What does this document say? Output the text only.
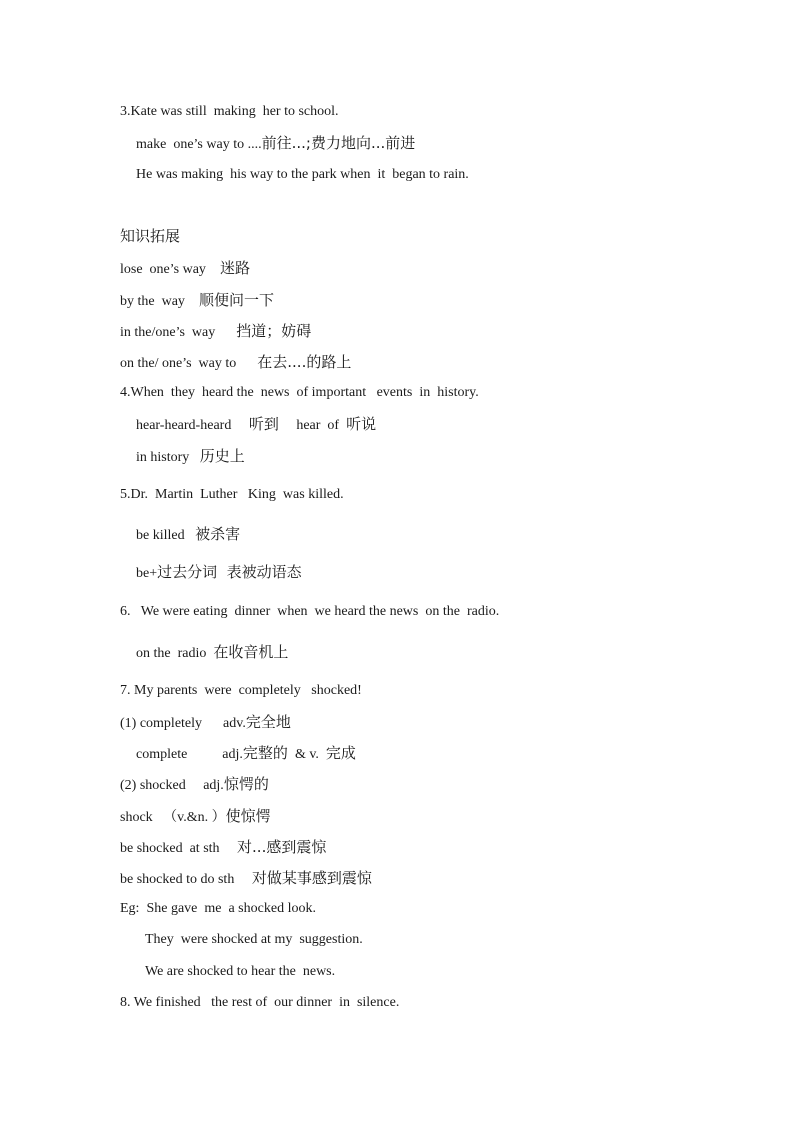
3.Kate was still  making  her to school.
make  one’s way to ....前往...;费力地向...前进
He was making  his way to the park when  it  began to rain.
知识拓展
lose  one’s way    迷路
by the  way    顺便问一下
in the/one’s  way      挡道；妨碍
on the/ one’s  way to      在去....的路上
4.When  they  heard the  news  of important   events  in  history.
hear-heard-heard     听到 hear  of  听说
in history   历史上
5.Dr.  Martin  Luther   King  was killed.
be killed   被杀害
be+过去分词  表被动语态
6.   We were eating  dinner  when  we heard the news  on the  radio.
on the  radio  在收音机上
7. My parents  were  completely   shocked!
(1) completely      adv.完全地
complete          adj.完整的  & v.  完成
(2) shocked     adj.惊愕的
shock   （v.&n. ）使惊愕
be shocked  at sth     对...感到震惊
be shocked to do sth     对做某事感到震惊
Eg:  She gave  me  a shocked look.
They  were shocked at my  suggestion.
We are shocked to hear the  news.
8. We finished   the rest of  our dinner  in  silence.
